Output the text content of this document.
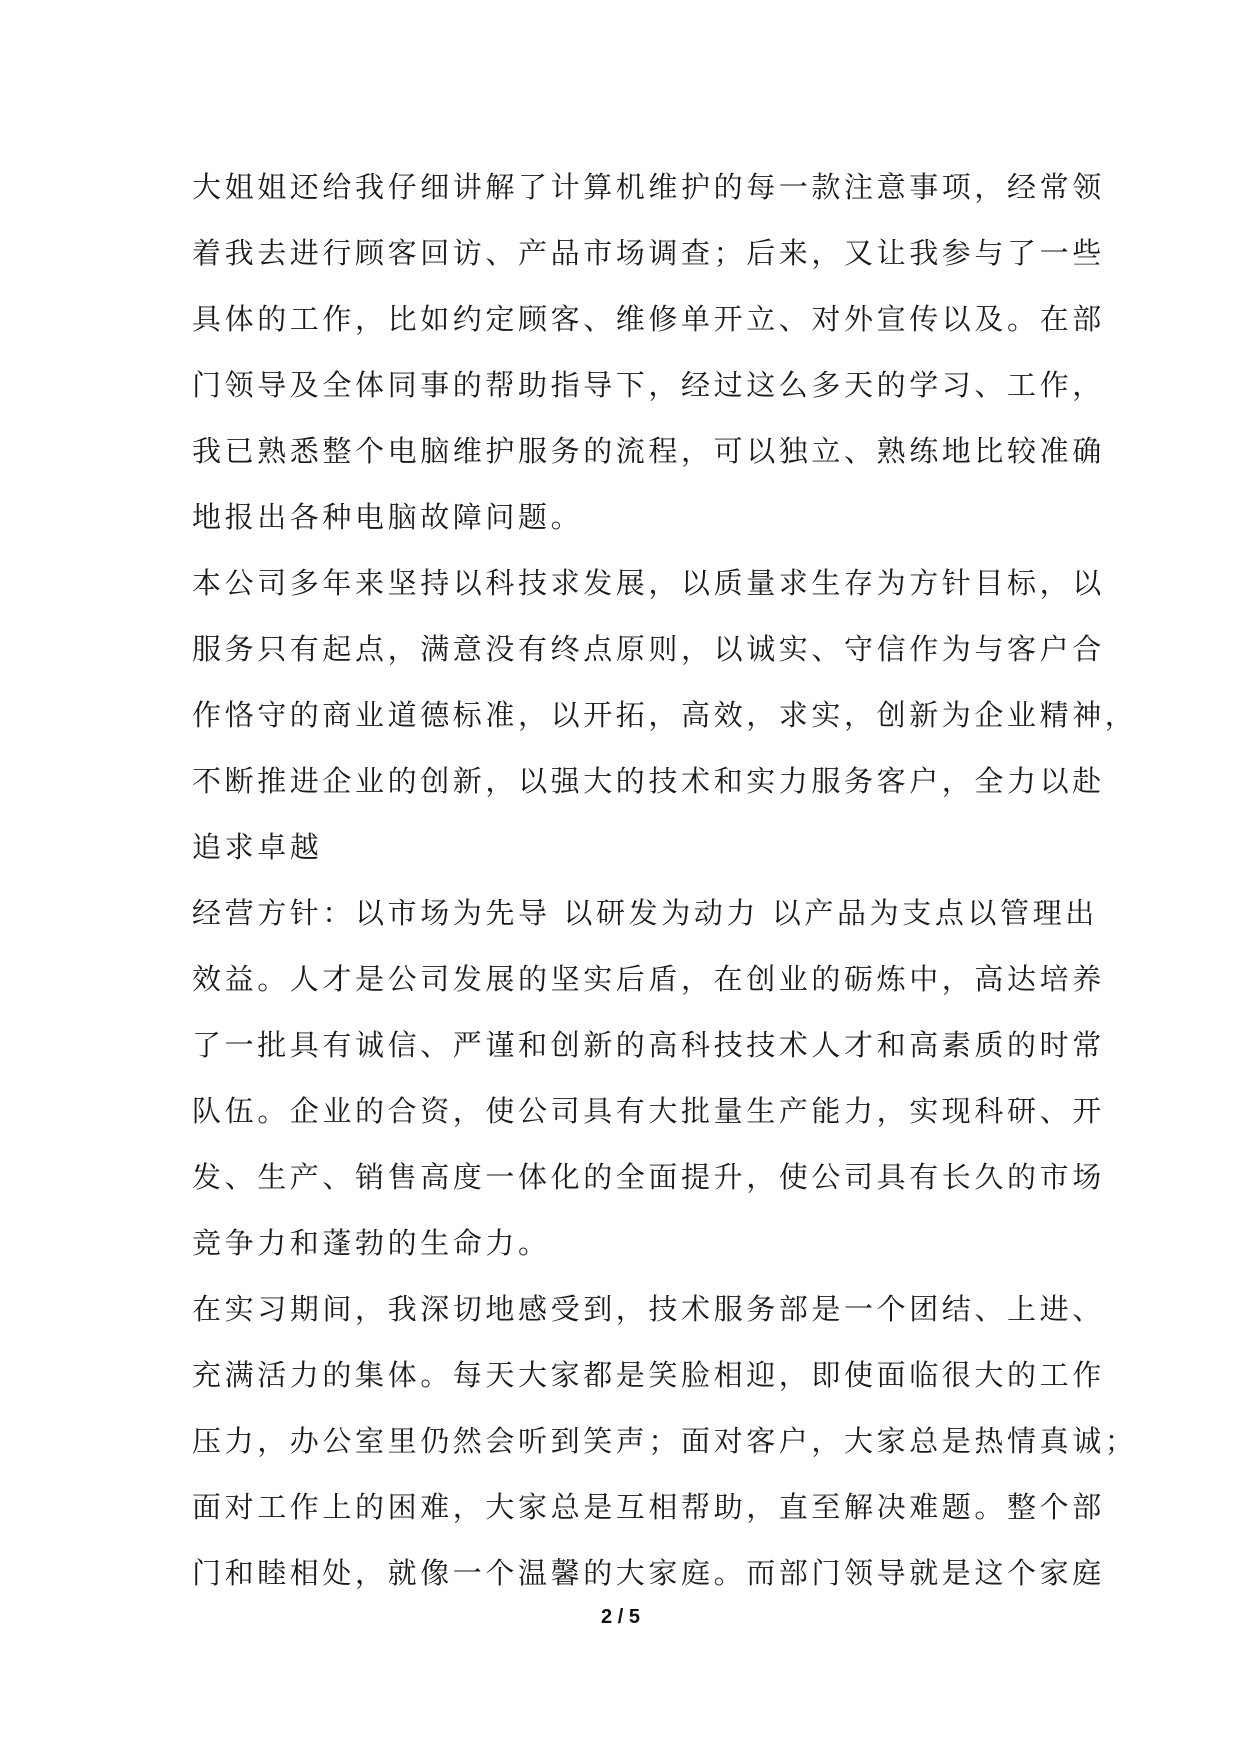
大姐姐还给我仔细讲解了计算机维护的每一款注意事项，经常领
着我去进行顾客回访、产品市场调查；后来，又让我参与了一些
具体的工作，比如约定顾客、维修单开立、对外宣传以及。在部
门领导及全体同事的帮助指导下，经过这么多天的学习、工作，
我已熟悉整个电脑维护服务的流程，可以独立、熟练地比较准确
地报出各种电脑故障问题。
本公司多年来坚持以科技求发展，以质量求生存为方针目标，以
服务只有起点，满意没有终点原则，以诚实、守信作为与客户合
作恪守的商业道德标准，以开拓，高效，求实，创新为企业精神，
不断推进企业的创新，以强大的技术和实力服务客户，全力以赴
追求卓越
经营方针：以市场为先导 以研发为动力 以产品为支点以管理出
效益。人才是公司发展的坚实后盾，在创业的砺炼中，高达培养
了一批具有诚信、严谨和创新的高科技技术人才和高素质的时常
队伍。企业的合资，使公司具有大批量生产能力，实现科研、开
发、生产、销售高度一体化的全面提升，使公司具有长久的市场
竞争力和蓬勃的生命力。
在实习期间，我深切地感受到，技术服务部是一个团结、上进、
充满活力的集体。每天大家都是笑脸相迎，即使面临很大的工作
压力，办公室里仍然会听到笑声；面对客户，大家总是热情真诚；
面对工作上的困难，大家总是互相帮助，直至解决难题。整个部
门和睦相处，就像一个温馨的大家庭。而部门领导就是这个家庭
2 / 5
